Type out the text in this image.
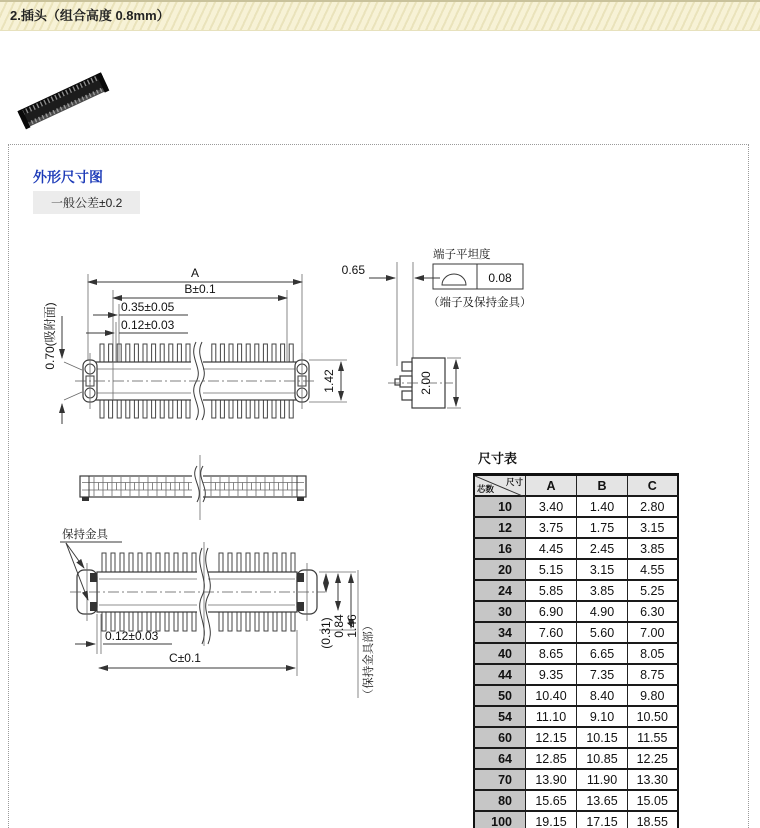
2.插头（组合高度 0.8mm）
外形尺寸图
一般公差±0.2
A
B±0.1
0.35±0.05
0.12±0.03
0.70(吸附面)
1.42
0.65
端子平坦度
0.08
（端子及保持金具）
2.00
保持金具
0.12±0.03
C±0.1
(0.31) 0.84 1.46 （保持金具部）
尺寸表
尺寸
芯数	A	B	C
10	3.40	1.40	2.80
12	3.75	1.75	3.15
16	4.45	2.45	3.85
20	5.15	3.15	4.55
24	5.85	3.85	5.25
30	6.90	4.90	6.30
34	7.60	5.60	7.00
40	8.65	6.65	8.05
44	9.35	7.35	8.75
50	10.40	8.40	9.80
54	11.10	9.10	10.50
60	12.15	10.15	11.55
64	12.85	10.85	12.25
70	13.90	11.90	13.30
80	15.65	13.65	15.05
100	19.15	17.15	18.55
